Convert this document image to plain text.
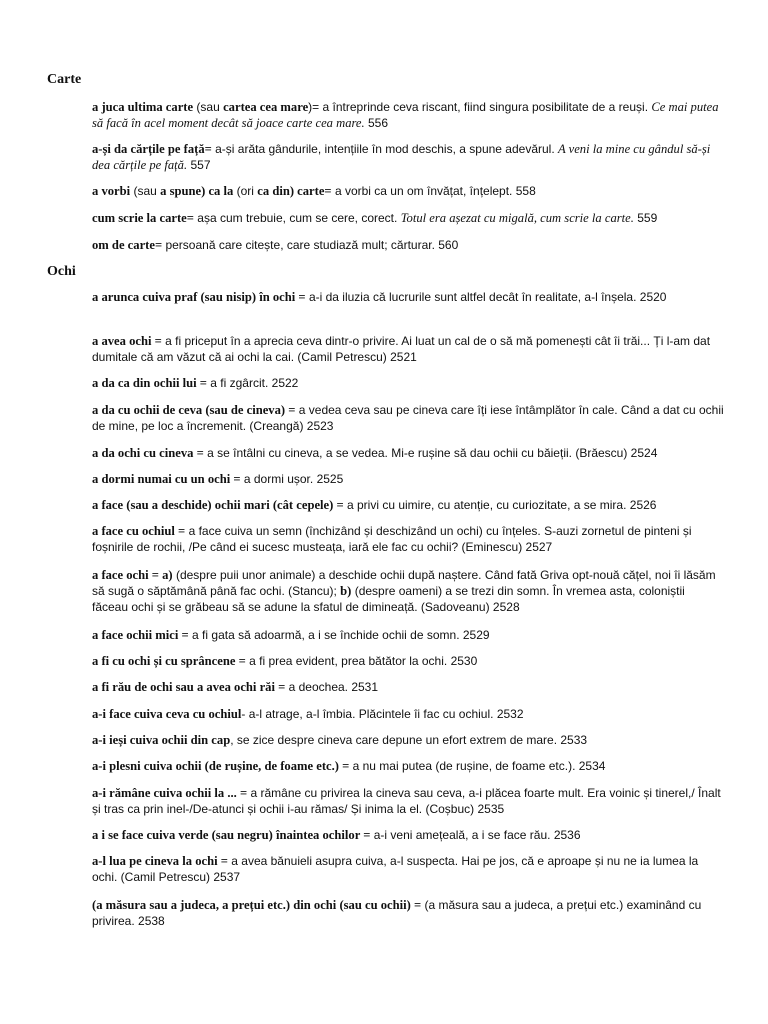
Carte
a juca ultima carte (sau cartea cea mare)= a întreprinde ceva riscant, fiind singura posibilitate de a reuși. Ce mai putea să facă în acel moment decât să joace carte cea mare. 556
a-și da cărțile pe față= a-și arăta gândurile, intențiile în mod deschis, a spune adevărul. A veni la mine cu gândul să-și dea cărțile pe față. 557
a vorbi (sau a spune) ca la (ori ca din) carte= a vorbi ca un om învățat, înțelept. 558
cum scrie la carte= așa cum trebuie, cum se cere, corect. Totul era așezat cu migală, cum scrie la carte. 559
om de carte= persoană care citește, care studiază mult; cărturar. 560
Ochi
a arunca cuiva praf (sau nisip) în ochi = a-i da iluzia că lucrurile sunt altfel decât în realitate, a-l înșela. 2520
a avea ochi = a fi priceput în a aprecia ceva dintr-o privire. Ai luat un cal de o să mă pomenești cât îi trăi... Ți l-am dat dumitale că am văzut că ai ochi la cai. (Camil Petrescu) 2521
a da ca din ochii lui = a fi zgârcit. 2522
a da cu ochii de ceva (sau de cineva) = a vedea ceva sau pe cineva care îți iese întâmplător în cale. Când a dat cu ochii de mine, pe loc a încremenit. (Creangă) 2523
a da ochi cu cineva = a se întâlni cu cineva, a se vedea. Mi-e rușine să dau ochii cu băieții. (Brăescu) 2524
a dormi numai cu un ochi = a dormi ușor. 2525
a face (sau a deschide) ochii mari (cât cepele) = a privi cu uimire, cu atenție, cu curiozitate, a se mira. 2526
a face cu ochiul = a face cuiva un semn (închizând și deschizând un ochi) cu înțeles. S-auzi zornetul de pinteni și foșnirile de rochii, /Pe când ei sucesc musteața, iară ele fac cu ochii? (Eminescu) 2527
a face ochi = a) (despre puii unor animale) a deschide ochii după naștere. Când fată Griva opt-nouă cățel, noi îi lăsăm să sugă o săptămână până fac ochi. (Stancu); b) (despre oameni) a se trezi din somn. În vremea asta, coloniștii făceau ochi și se grăbeau să se adune la sfatul de dimineață. (Sadoveanu) 2528
a face ochii mici = a fi gata să adoarmă, a i se închide ochii de somn. 2529
a fi cu ochi și cu sprâncene = a fi prea evident, prea bătător la ochi. 2530
a fi rău de ochi sau a avea ochi răi = a deochea. 2531
a-i face cuiva ceva cu ochiul- a-l atrage, a-l îmbia. Plăcintele îi fac cu ochiul. 2532
a-i ieși cuiva ochii din cap, se zice despre cineva care depune un efort extrem de mare. 2533
a-i plesni cuiva ochii (de rușine, de foame etc.) = a nu mai putea (de rușine, de foame etc.). 2534
a-i rămâne cuiva ochii la ... = a rămâne cu privirea la cineva sau ceva, a-i plăcea foarte mult. Era voinic și tinerel,/ Înalt și tras ca prin inel-/De-atunci și ochii i-au rămas/ Și inima la el. (Coșbuc) 2535
a i se face cuiva verde (sau negru) înaintea ochilor = a-i veni amețeală, a i se face rău. 2536
a-l lua pe cineva la ochi = a avea bănuieli asupra cuiva, a-l suspecta. Hai pe jos, că e aproape și nu ne ia lumea la ochi. (Camil Petrescu) 2537
(a măsura sau a judeca, a prețui etc.) din ochi (sau cu ochii) = (a măsura sau a judeca, a prețui etc.) examinând cu privirea. 2538
